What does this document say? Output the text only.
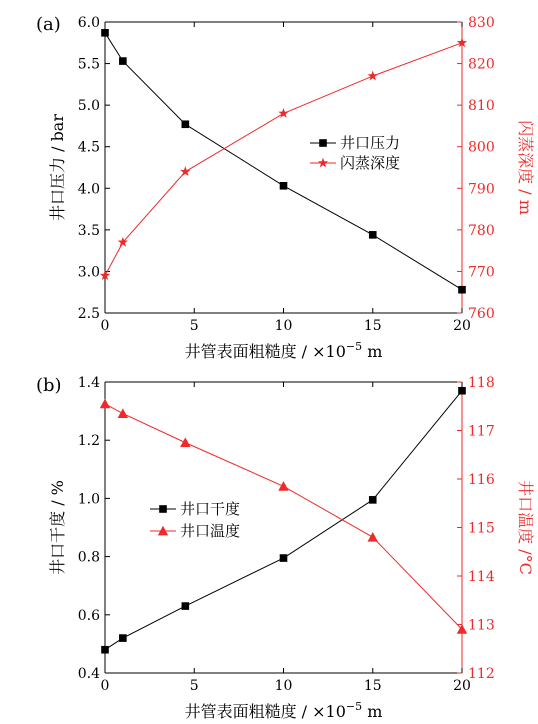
0	5	10	15	20
2.5
3.0
3.5
4.0
4.5
5.0
5.5
6.0
760
770
780
790
800
810
820
830
井口压力 / bar	闪蒸深度 / m
井管表面粗糙度 / $\times 10^{-5}$ m
(a)
井口压力
闪蒸深度
0	5	10	15	20
0.4
0.6
0.8
1.0
1.2
1.4
112
113
114
115
116
117
118
井口干度 / %	井口温度 /°C
井管表面粗糙度 / $\times 10^{-5}$ m
(b)
井口干度
井口温度
